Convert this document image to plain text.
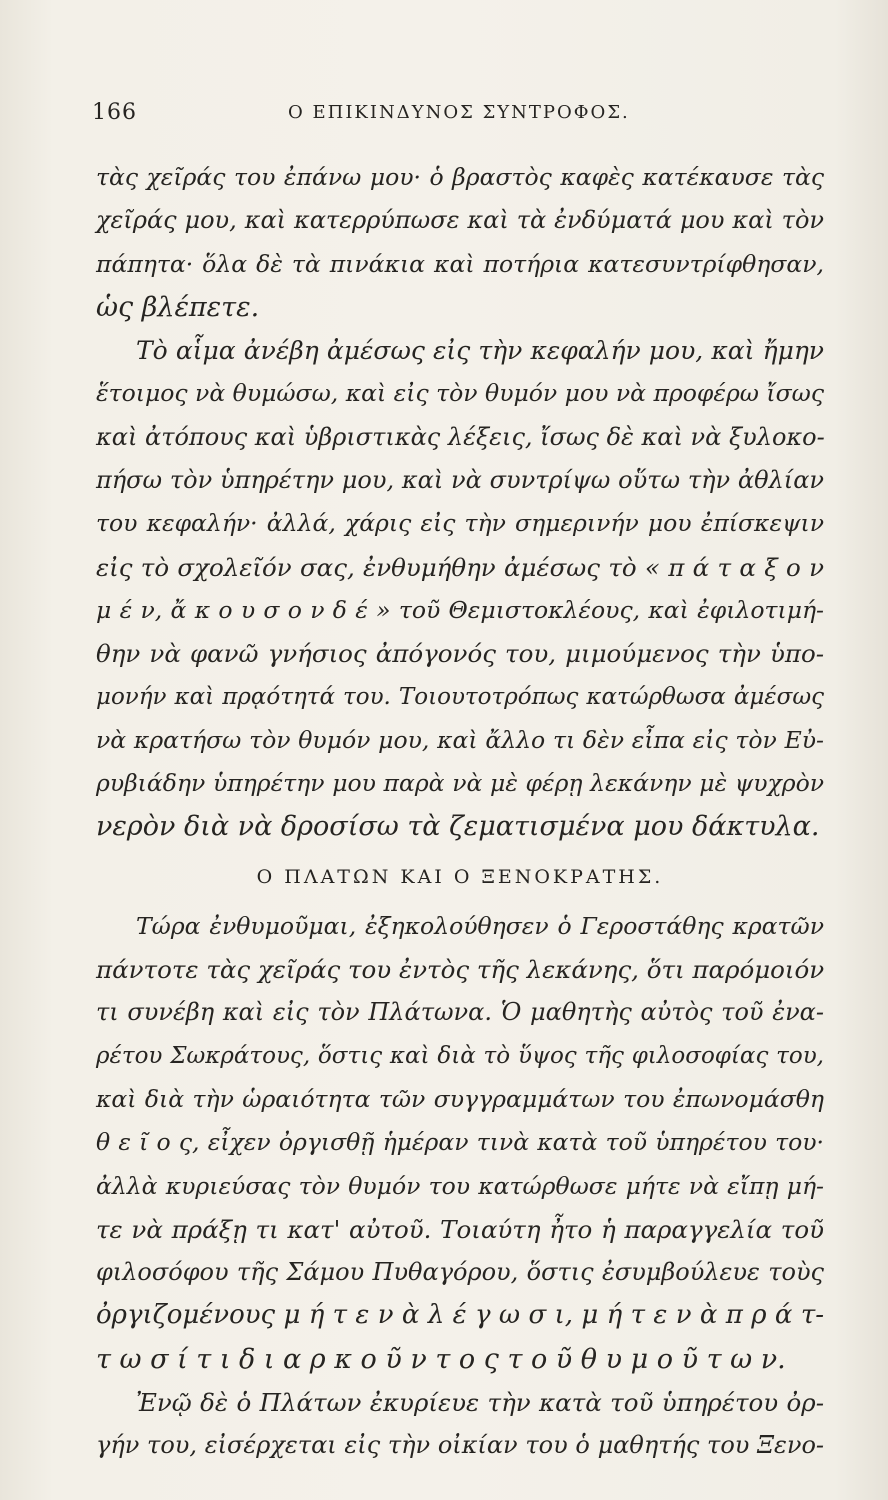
166	Ο ΕΠΙΚΙΝΔΥΝΟΣ ΣΥΝΤΡΟΦΟΣ.
τὰς χεῖράς του ἐπάνω μου· ὁ βραστὸς καφὲς κατέκαυσε τὰς
χεῖράς μου, καὶ κατερρύπωσε καὶ τὰ ἐνδύματά μου καὶ τὸν
πάπητα· ὅλα δὲ τὰ πινάκια καὶ ποτήρια κατεσυντρίφθησαν,
ὡς βλέπετε.
Τὸ αἷμα ἀνέβη ἀμέσως εἰς τὴν κεφαλήν μου, καὶ ἤμην
ἕτοιμος νὰ θυμώσω, καὶ εἰς τὸν θυμόν μου νὰ προφέρω ἴσως
καὶ ἀτόπους καὶ ὑβριστικὰς λέξεις, ἴσως δὲ καὶ νὰ ξυλοκο-
πήσω τὸν ὑπηρέτην μου, καὶ νὰ συντρίψω οὕτω τὴν ἀθλίαν
του κεφαλήν· ἀλλά, χάρις εἰς τὴν σημερινήν μου ἐπίσκεψιν
εἰς τὸ σχολεῖόν σας, ἐνθυμήθην ἀμέσως τὸ « π ά τ α ξ ο ν
μ έ ν, ἄ κ ο υ σ ο ν δ έ » τοῦ Θεμιστοκλέους, καὶ ἐφιλοτιμή-
θην νὰ φανῶ γνήσιος ἀπόγονός του, μιμούμενος τὴν ὑπο-
μονήν καὶ πρᾳότητά του. Τοιουτοτρόπως κατώρθωσα ἀμέσως
νὰ κρατήσω τὸν θυμόν μου, καὶ ἄλλο τι δὲν εἶπα εἰς τὸν Εὐ-
ρυβιάδην ὑπηρέτην μου παρὰ νὰ μὲ φέρῃ λεκάνην μὲ ψυχρὸν
νερὸν διὰ νὰ δροσίσω τὰ ζεματισμένα μου δάκτυλα.
Ο ΠΛΑΤΩΝ ΚΑΙ Ο ΞΕΝΟΚΡΑΤΗΣ.
Τώρα ἐνθυμοῦμαι, ἐξηκολούθησεν ὁ Γεροστάθης κρατῶν
πάντοτε τὰς χεῖράς του ἐντὸς τῆς λεκάνης, ὅτι παρόμοιόν
τι συνέβη καὶ εἰς τὸν Πλάτωνα. Ὁ μαθητὴς αὐτὸς τοῦ ἐνα-
ρέτου Σωκράτους, ὅστις καὶ διὰ τὸ ὕψος τῆς φιλοσοφίας του,
καὶ διὰ τὴν ὡραιότητα τῶν συγγραμμάτων του ἐπωνομάσθη
θ ε ῖ ο ς, εἶχεν ὀργισθῇ ἡμέραν τινὰ κατὰ τοῦ ὑπηρέτου του·
ἀλλὰ κυριεύσας τὸν θυμόν του κατώρθωσε μήτε νὰ εἴπῃ μή-
τε νὰ πράξῃ τι κατ' αὐτοῦ. Τοιαύτη ἦτο ἡ παραγγελία τοῦ
φιλοσόφου τῆς Σάμου Πυθαγόρου, ὅστις ἐσυμβούλευε τοὺς
ὀργιζομένους μ ή τ ε ν ὰ λ έ γ ω σ ι, μ ή τ ε ν ὰ π ρ ά τ-
τ ω σ ί τ ι δ ι α ρ κ ο ῦ ν τ ο ς τ ο ῦ θ υ μ ο ῦ τ ω ν.
Ἐνῷ δὲ ὁ Πλάτων ἐκυρίευε τὴν κατὰ τοῦ ὑπηρέτου ὀρ-
γήν του, εἰσέρχεται εἰς τὴν οἰκίαν του ὁ μαθητής του Ξενο-
